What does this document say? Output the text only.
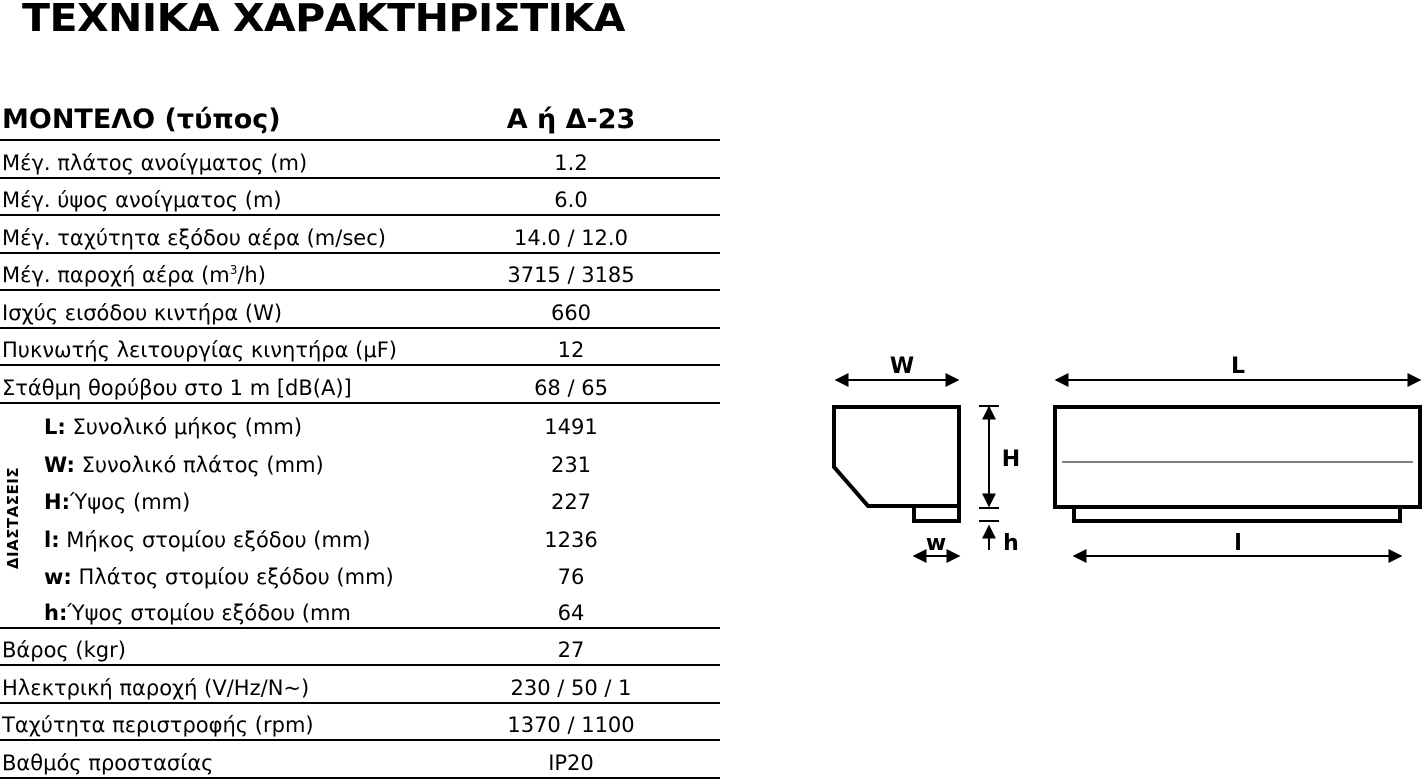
ΤΕΧΝΙΚΑ ΧΑΡΑΚΤΗΡΙΣΤΙΚΑ
ΜΟΝΤΕΛΟ (τύπος)	Α ή Δ-23
Μέγ. πλάτος ανοίγματος (m)	1.2
Μέγ. ύψος ανοίγματος (m)	6.0
Μέγ. ταχύτητα εξόδου αέρα (m/sec)	14.0 / 12.0
Μέγ. παροχή αέρα $(m^3/h)$	3715 / 3185
Ισχύς εισόδου κιντήρα (W)	660
Πυκνωτής λειτουργίας κινητήρα (μF)	12
Στάθμη θορύβου στο 1 m [dB(A)]	68 / 65
L: Συνολικό μήκος (mm)	1491
W: Συνολικό πλάτος (mm)	231
H:Ύψος (mm)	227
l: Μήκος στομίου εξόδου (mm)	1236
w: Πλάτος στομίου εξόδου (mm)	76
h:Ύψος στομίου εξόδου (mm	64
Βάρος (kgr)	27
Ηλεκτρική παροχή (V/Hz/N~)	230 / 50 / 1
Ταχύτητα περιστροφής (rpm)	1370 / 1100
Βαθμός προστασίας	IP20
ΔΙΑΣΤΑΣΕΙΣ
W
H
h
w
L
l
